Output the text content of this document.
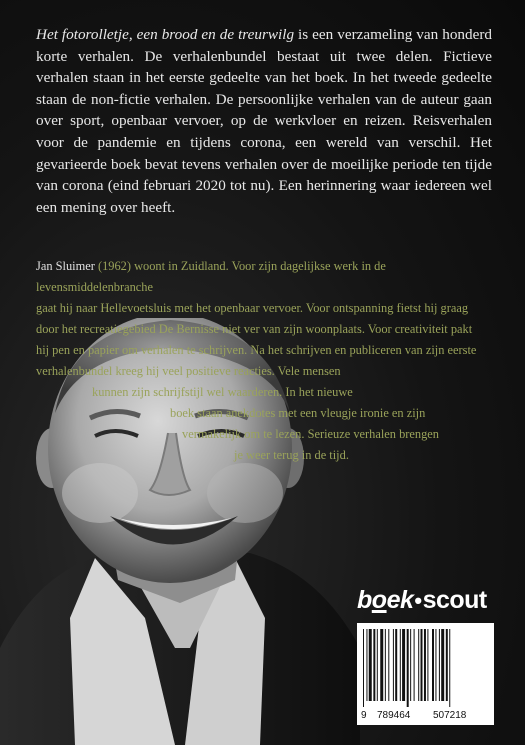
Het fotorolletje, een brood en de treurwilg is een verzameling van honderd korte verhalen. De verhalenbundel bestaat uit twee delen. Fictieve verhalen staan in het eerste gedeelte van het boek. In het tweede gedeelte staan de non-fictie verhalen. De persoonlijke verhalen van de auteur gaan over sport, openbaar vervoer, op de werkvloer en reizen. Reisverhalen voor de pandemie en tijdens corona, een wereld van verschil. Het gevarieerde boek bevat tevens verhalen over de moeilijke periode ten tijde van corona (eind februari 2020 tot nu). Een herinnering waar iedereen wel een mening over heeft.

Jan Sluimer (1962) woont in Zuidland. Voor zijn dagelijkse werk in de levensmiddelenbranche
gaat hij naar Hellevoetsluis met het openbaar vervoer. Voor ontspanning fietst hij graag
door het recreatiegebied De Bernisse niet ver van zijn woonplaats. Voor creativiteit pakt
hij pen en papier om verhalen te schrijven. Na het schrijven en publiceren van zijn eerste
verhalenbundel kreeg hij veel positieve reacties. Vele mensen
kunnen zijn schrijfstijl wel waarderen. In het nieuwe
boek staan anekdotes met een vleugje ironie en zijn
vermakelijk om te lezen. Serieuze verhalen brengen
je weer terug in de tijd.

boek•scout
9 789464 507218
